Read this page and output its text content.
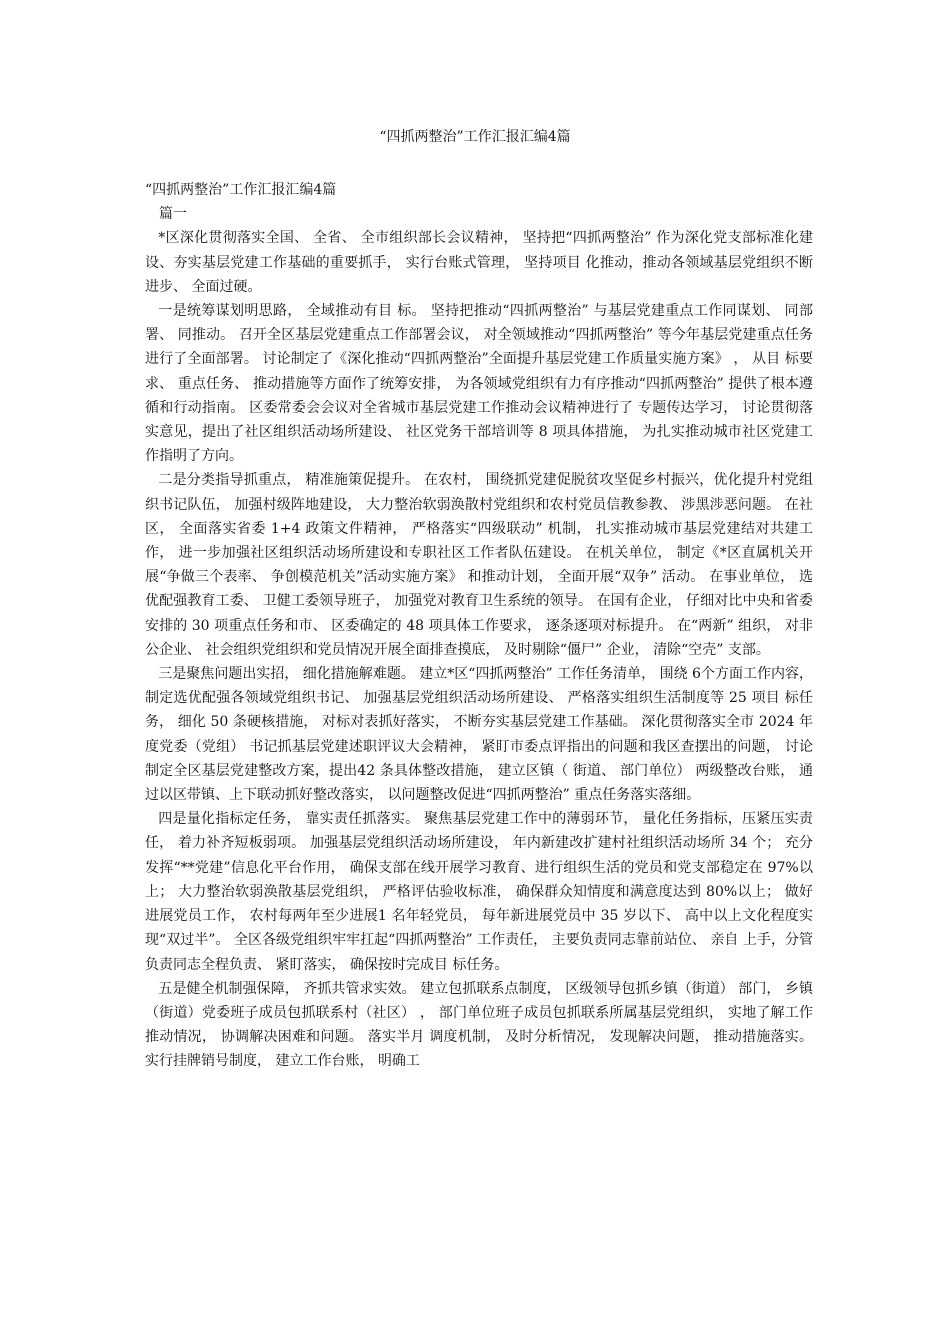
“四抓两整治”工作汇报汇编4篇

“四抓两整治”工作汇报汇编4篇

篇一

*区深化贯彻落实全国、 全省、 全市组织部长会议精神， 坚持把“四抓两整治” 作为深化党支部标准化建设、夯实基层党建工作基础的重要抓手， 实行台账式管理， 坚持项目 化推动，推动各领域基层党组织不断进步、 全面过硬。

一是统筹谋划明思路， 全域推动有目 标。 坚持把推动“四抓两整治” 与基层党建重点工作同谋划、 同部署、 同推动。 召开全区基层党建重点工作部署会议， 对全领域推动“四抓两整治” 等今年基层党建重点任务进行了全面部署。 讨论制定了《深化推动“四抓两整治”全面提升基层党建工作质量实施方案》 ， 从目 标要求、 重点任务、 推动措施等方面作了统筹安排， 为各领域党组织有力有序推动“四抓两整治” 提供了根本遵循和行动指南。 区委常委会会议对全省城市基层党建工作推动会议精神进行了 专题传达学习， 讨论贯彻落实意见，提出了社区组织活动场所建设、 社区党务干部培训等 8 项具体措施， 为扎实推动城市社区党建工作指明了方向。

二是分类指导抓重点， 精准施策促提升。 在农村， 围绕抓党建促脱贫攻坚促乡村振兴，优化提升村党组织书记队伍， 加强村级阵地建设， 大力整治软弱涣散村党组织和农村党员信教参教、 涉黑涉恶问题。 在社区， 全面落实省委 1+4 政策文件精神， 严格落实“四级联动” 机制， 扎实推动城市基层党建结对共建工作， 进一步加强社区组织活动场所建设和专职社区工作者队伍建设。 在机关单位， 制定《*区直属机关开展“争做三个表率、 争创模范机关”活动实施方案》 和推动计划， 全面开展“双争” 活动。 在事业单位， 选优配强教育工委、 卫健工委领导班子， 加强党对教育卫生系统的领导。 在国有企业， 仔细对比中央和省委安排的 30 项重点任务和市、 区委确定的 48 项具体工作要求， 逐条逐项对标提升。 在“两新” 组织， 对非公企业、 社会组织党组织和党员情况开展全面排查摸底， 及时剔除“僵尸” 企业， 清除“空壳” 支部。

三是聚焦问题出实招， 细化措施解难题。 建立*区“四抓两整治” 工作任务清单， 围绕 6个方面工作内容， 制定选优配强各领域党组织书记、 加强基层党组织活动场所建设、 严格落实组织生活制度等 25 项目 标任务， 细化 50 条硬核措施， 对标对表抓好落实， 不断夯实基层党建工作基础。 深化贯彻落实全市 2024 年度党委（党组） 书记抓基层党建述职评议大会精神， 紧盯市委点评指出的问题和我区查摆出的问题， 讨论制定全区基层党建整改方案，提出42 条具体整改措施， 建立区镇（ 街道、 部门单位） 两级整改台账， 通过以区带镇、上下联动抓好整改落实， 以问题整改促进“四抓两整治” 重点任务落实落细。

四是量化指标定任务， 靠实责任抓落实。 聚焦基层党建工作中的薄弱环节， 量化任务指标，压紧压实责任， 着力补齐短板弱项。 加强基层党组织活动场所建设， 年内新建改扩建村社组织活动场所 34 个； 充分发挥“**党建”信息化平台作用， 确保支部在线开展学习教育、进行组织生活的党员和党支部稳定在 97%以上； 大力整治软弱涣散基层党组织， 严格评估验收标准， 确保群众知情度和满意度达到 80%以上； 做好进展党员工作， 农村每两年至少进展1 名年轻党员， 每年新进展党员中 35 岁以下、 高中以上文化程度实现“双过半”。 全区各级党组织牢牢扛起“四抓两整治” 工作责任， 主要负责同志靠前站位、 亲自 上手，分管负责同志全程负责、 紧盯落实， 确保按时完成目 标任务。

五是健全机制强保障， 齐抓共管求实效。 建立包抓联系点制度， 区级领导包抓乡镇（街道） 部门， 乡镇（街道）党委班子成员包抓联系村（社区） ， 部门单位班子成员包抓联系所属基层党组织， 实地了解工作推动情况， 协调解决困难和问题。 落实半月 调度机制， 及时分析情况， 发现解决问题， 推动措施落实。 实行挂牌销号制度， 建立工作台账， 明确工
